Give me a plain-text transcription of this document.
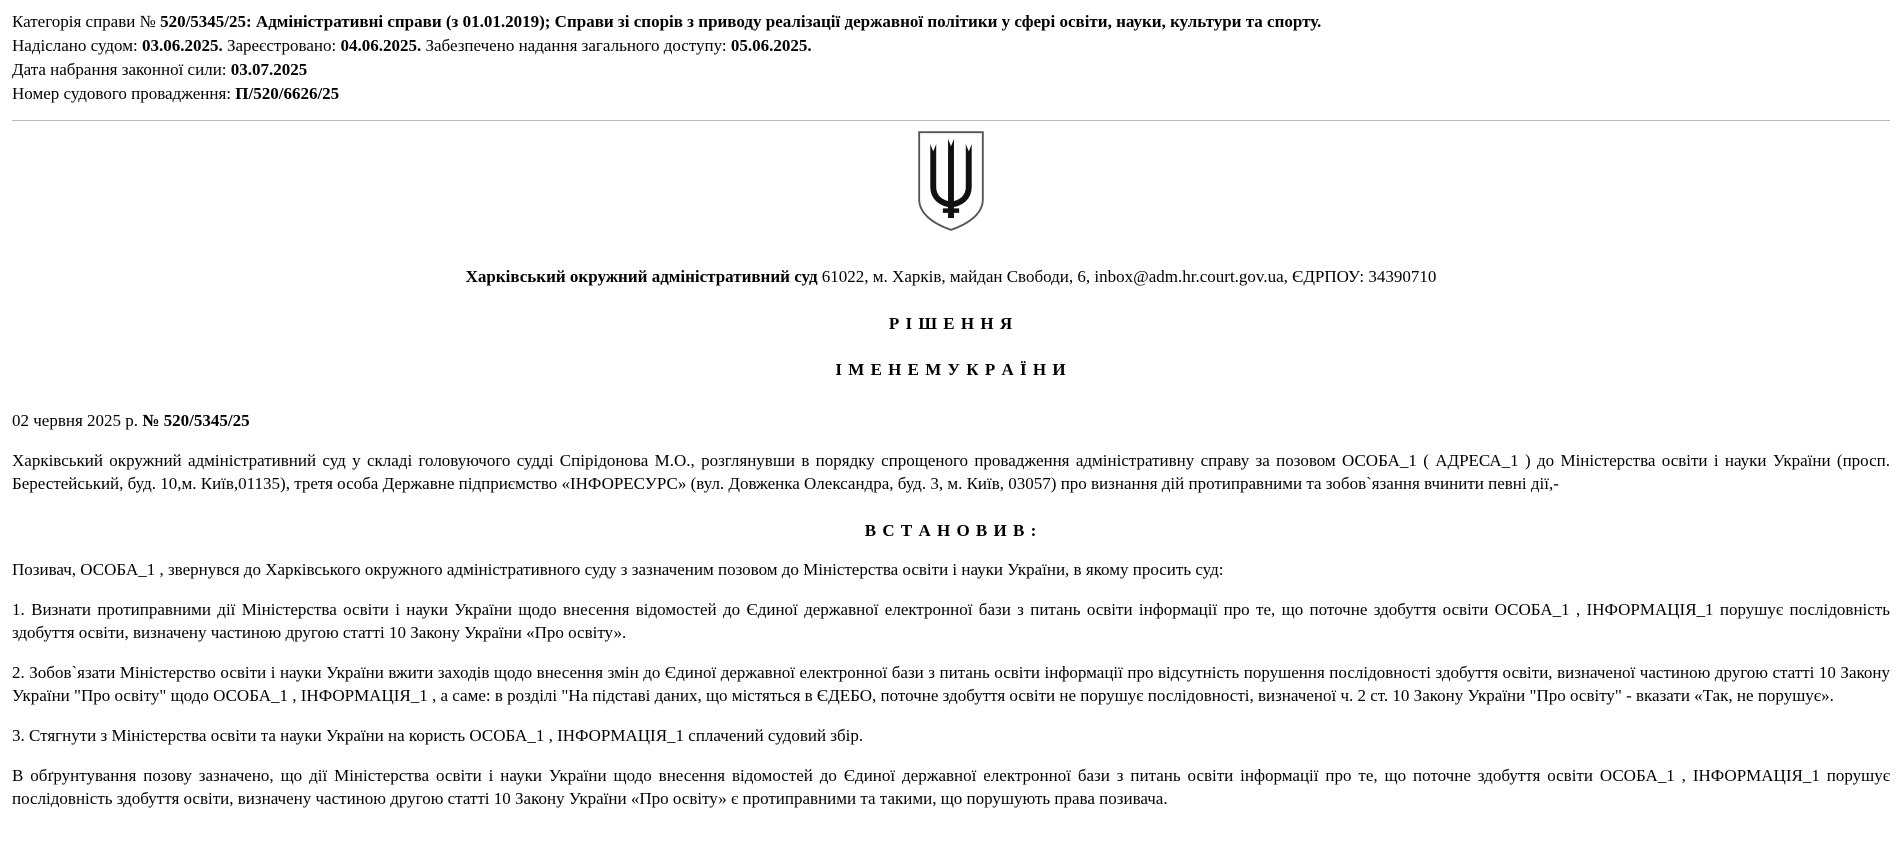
Категорія справи № 520/5345/25: Адміністративні справи (з 01.01.2019); Справи зі спорів з приводу реалізації державної політики у сфері освіти, науки, культури та спорту.
Надіслано судом: 03.06.2025. Зареєстровано: 04.06.2025. Забезпечено надання загального доступу: 05.06.2025.
Дата набрання законної сили: 03.07.2025
Номер судового провадження: П/520/6626/25
Харківський окружний адміністративний суд 61022, м. Харків, майдан Свободи, 6, inbox@adm.hr.court.gov.ua, ЄДРПОУ: 34390710
Р І Ш Е Н Н Я
І М Е Н Е М У К Р А Ї Н И
02 червня 2025 р. № 520/5345/25

Харківський окружний адміністративний суд у складі головуючого судді Спірідонова М.О., розглянувши в порядку спрощеного провадження адміністративну справу за позовом ОСОБА_1 ( АДРЕСА_1 ) до Міністерства освіти і науки України (просп. Берестейський, буд. 10,м. Київ,01135), третя особа Державне підприємство «ІНФОРЕСУРС» (вул. Довженка Олександра, буд. 3, м. Київ, 03057) про визнання дій протиправними та зобов`язання вчинити певні дії,-

В С Т А Н О В И В :

Позивач, ОСОБА_1 , звернувся до Харківського окружного адміністративного суду з зазначеним позовом до Міністерства освіти і науки України, в якому просить суд:

1. Визнати протиправними дії Міністерства освіти і науки України щодо внесення відомостей до Єдиної державної електронної бази з питань освіти інформації про те, що поточне здобуття освіти ОСОБА_1 , ІНФОРМАЦІЯ_1 порушує послідовність здобуття освіти, визначену частиною другою статті 10 Закону України «Про освіту».

2. Зобов`язати Міністерство освіти і науки України вжити заходів щодо внесення змін до Єдиної державної електронної бази з питань освіти інформації про відсутність порушення послідовності здобуття освіти, визначеної частиною другою статті 10 Закону України "Про освіту" щодо ОСОБА_1 , ІНФОРМАЦІЯ_1 , а саме: в розділі "На підставі даних, що містяться в ЄДЕБО, поточне здобуття освіти не порушує послідовності, визначеної ч. 2 ст. 10 Закону України "Про освіту" - вказати «Так, не порушує».

3. Стягнути з Міністерства освіти та науки України на користь ОСОБА_1 , ІНФОРМАЦІЯ_1 сплачений судовий збір.

В обґрунтування позову зазначено, що дії Міністерства освіти і науки України щодо внесення відомостей до Єдиної державної електронної бази з питань освіти інформації про те, що поточне здобуття освіти ОСОБА_1 , ІНФОРМАЦІЯ_1 порушує послідовність здобуття освіти, визначену частиною другою статті 10 Закону України «Про освіту» є протиправними та такими, що порушують права позивача.
